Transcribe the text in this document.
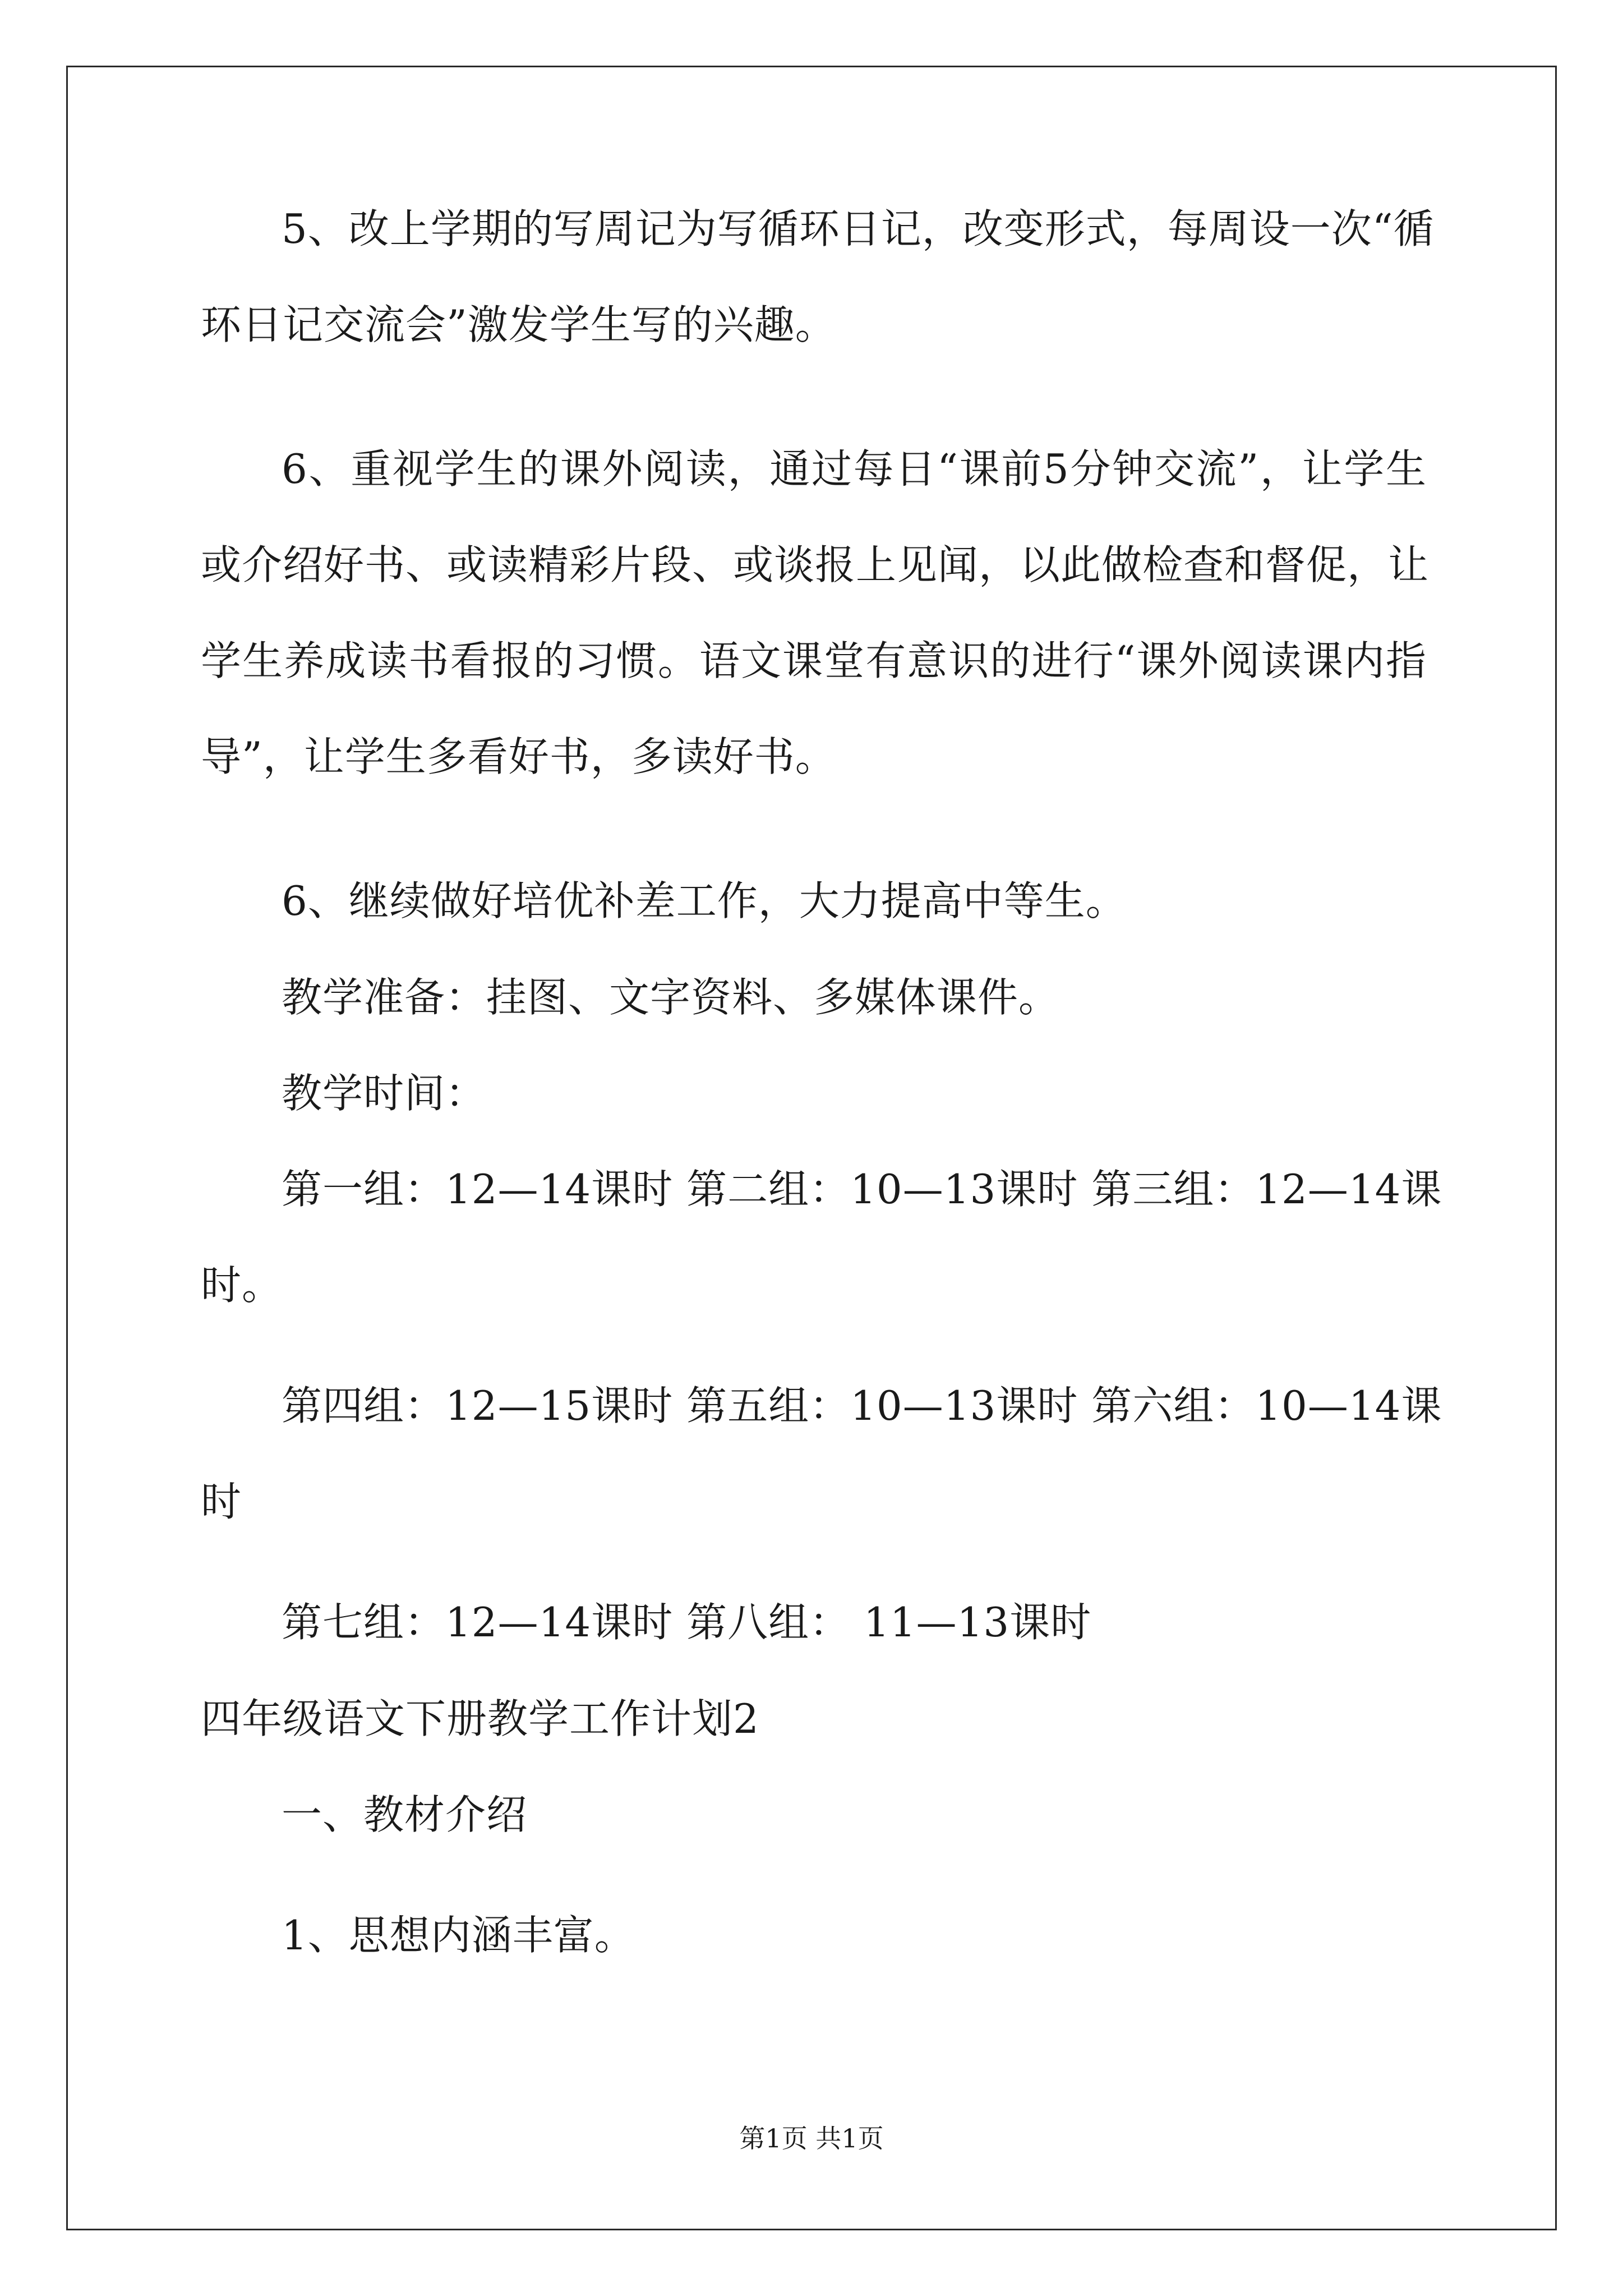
5、改上学期的写周记为写循环日记，改变形式，每周设一次“循
环日记交流会”激发学生写的兴趣。
6、重视学生的课外阅读，通过每日“课前5分钟交流”，让学生
或介绍好书、或读精彩片段、或谈报上见闻，以此做检查和督促，让
学生养成读书看报的习惯。语文课堂有意识的进行“课外阅读课内指
导”，让学生多看好书，多读好书。
6、继续做好培优补差工作，大力提高中等生。
教学准备：挂图、文字资料、多媒体课件。
教学时间：
第一组：12—14课时 第二组：10—13课时 第三组：12—14课
时。
第四组：12—15课时 第五组：10—13课时 第六组：10—14课
时
第七组：12—14课时 第八组： 11—13课时
四年级语文下册教学工作计划2
一、教材介绍
1、思想内涵丰富。
第1页 共1页
